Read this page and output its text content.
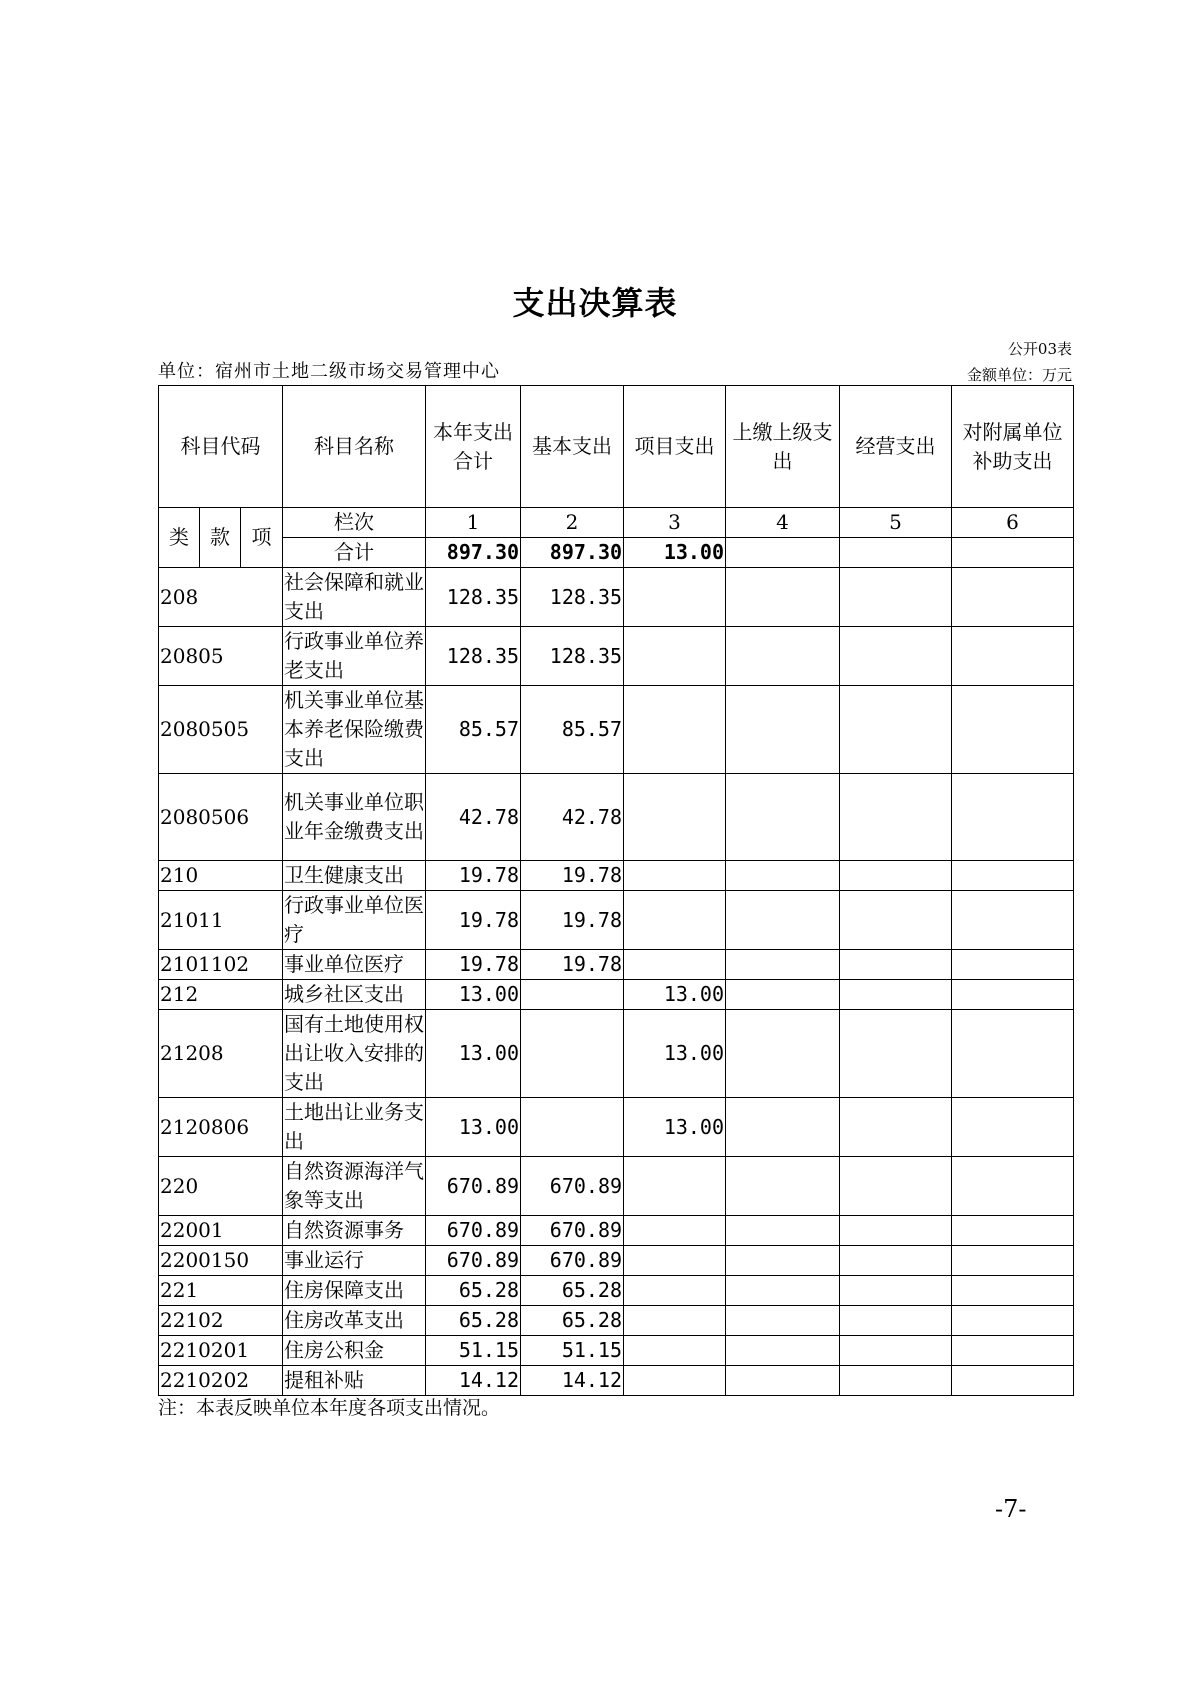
支出决算表
公开03表
单位：宿州市土地二级市场交易管理中心	金额单位：万元
科目代码			科目名称	本年支出合计	基本支出	项目支出	上缴上级支出	经营支出	对附属单位补助支出
类	款	项	栏次	1	2	3	4	5	6
			合计	897.30	897.30	13.00			
208			社会保障和就业支出	128.35	128.35				
20805			行政事业单位养老支出	128.35	128.35				
2080505			机关事业单位基本养老保险缴费支出	85.57	85.57				
2080506			机关事业单位职业年金缴费支出	42.78	42.78				
210			卫生健康支出	19.78	19.78				
21011			行政事业单位医疗	19.78	19.78				
2101102			事业单位医疗	19.78	19.78				
212			城乡社区支出	13.00		13.00			
21208			国有土地使用权出让收入安排的支出	13.00		13.00			
2120806			土地出让业务支出	13.00		13.00			
220			自然资源海洋气象等支出	670.89	670.89				
22001			自然资源事务	670.89	670.89				
2200150			事业运行	670.89	670.89				
221			住房保障支出	65.28	65.28				
22102			住房改革支出	65.28	65.28				
2210201			住房公积金	51.15	51.15				
2210202			提租补贴	14.12	14.12				
注：本表反映单位本年度各项支出情况。
-7-
